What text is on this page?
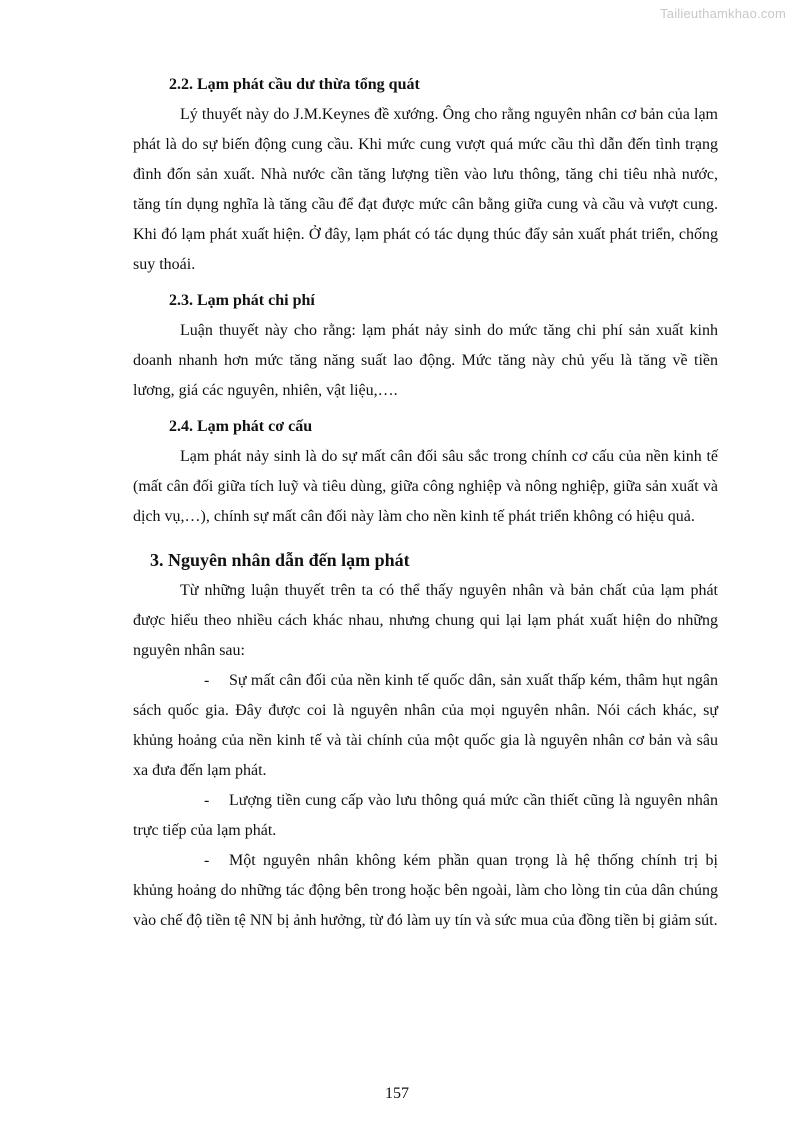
Tailieuthamkhao.com
2.2. Lạm phát cầu dư thừa tổng quát

Lý thuyết này do J.M.Keynes đề xướng. Ông cho rằng nguyên nhân cơ bản của lạm phát là do sự biến động cung cầu. Khi mức cung vượt quá mức cầu thì dẫn đến tình trạng đình đốn sản xuất. Nhà nước cần tăng lượng tiền vào lưu thông, tăng chi tiêu nhà nước, tăng tín dụng nghĩa là tăng cầu để đạt được mức cân bằng giữa cung và cầu và vượt cung. Khi đó lạm phát xuất hiện. Ở đây, lạm phát có tác dụng thúc đẩy sản xuất phát triển, chống suy thoái.

2.3. Lạm phát chi phí

Luận thuyết này cho rằng: lạm phát nảy sinh do mức tăng chi phí sản xuất kinh doanh nhanh hơn mức tăng năng suất lao động. Mức tăng này chủ yếu là tăng về tiền lương, giá các nguyên, nhiên, vật liệu,….

2.4. Lạm phát cơ cấu

Lạm phát nảy sinh là do sự mất cân đối sâu sắc trong chính cơ cấu của nền kinh tế (mất cân đối giữa tích luỹ và tiêu dùng, giữa công nghiệp và nông nghiệp, giữa sản xuất và dịch vụ,…), chính sự mất cân đối này làm cho nền kinh tế phát triển không có hiệu quả.

3. Nguyên nhân dẫn đến lạm phát

Từ những luận thuyết trên ta có thể thấy nguyên nhân và bản chất của lạm phát được hiểu theo nhiều cách khác nhau, nhưng chung qui lại lạm phát xuất hiện do những nguyên nhân sau:

- Sự mất cân đối của nền kinh tế quốc dân, sản xuất thấp kém, thâm hụt ngân sách quốc gia. Đây được coi là nguyên nhân của mọi nguyên nhân. Nói cách khác, sự khủng hoảng của nền kinh tế và tài chính của một quốc gia là nguyên nhân cơ bản và sâu xa đưa đến lạm phát.

- Lượng tiền cung cấp vào lưu thông quá mức cần thiết cũng là nguyên nhân trực tiếp của lạm phát.

- Một nguyên nhân không kém phần quan trọng là hệ thống chính trị bị khủng hoảng do những tác động bên trong hoặc bên ngoài, làm cho lòng tin của dân chúng vào chế độ tiền tệ NN bị ảnh hưởng, từ đó làm uy tín và sức mua của đồng tiền bị giảm sút.

157
